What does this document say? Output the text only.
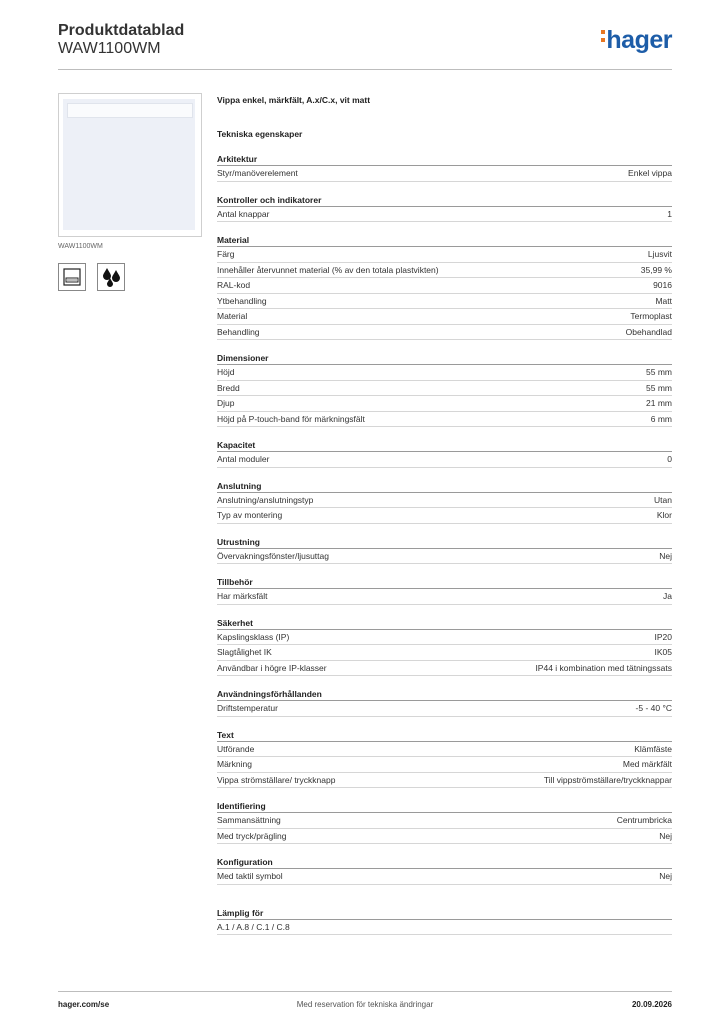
Produktdatablad
WAW1100WM	hager
WAW1100WM
Vippa enkel, märkfält, A.x/C.x, vit matt
Tekniska egenskaper
Arkitektur
Styr/manöverelement	Enkel vippa
Kontroller och indikatorer
Antal knappar	1
Material
Färg	Ljusvit
Innehåller återvunnet material (% av den totala plastvikten)	35,99 %
RAL-kod	9016
Ytbehandling	Matt
Material	Termoplast
Behandling	Obehandlad
Dimensioner
Höjd	55 mm
Bredd	55 mm
Djup	21 mm
Höjd på P-touch-band för märkningsfält	6 mm
Kapacitet
Antal moduler	0
Anslutning
Anslutning/anslutningstyp	Utan
Typ av montering	Klor
Utrustning
Övervakningsfönster/ljusuttag	Nej
Tillbehör
Har märksfält	Ja
Säkerhet
Kapslingsklass (IP)	IP20
Slagtålighet IK	IK05
Användbar i högre IP-klasser	IP44 i kombination med tätningssats
Användningsförhållanden
Driftstemperatur	-5 - 40 °C
Text
Utförande	Klämfäste
Märkning	Med märkfält
Vippa strömställare/ tryckknapp	Till vippströmställare/tryckknappar
Identifiering
Sammansättning	Centrumbricka
Med tryck/prägling	Nej
Konfiguration
Med taktil symbol	Nej
Lämplig för
A.1 / A.8 / C.1 / C.8
hager.com/se	Med reservation för tekniska ändringar	20.09.2026
